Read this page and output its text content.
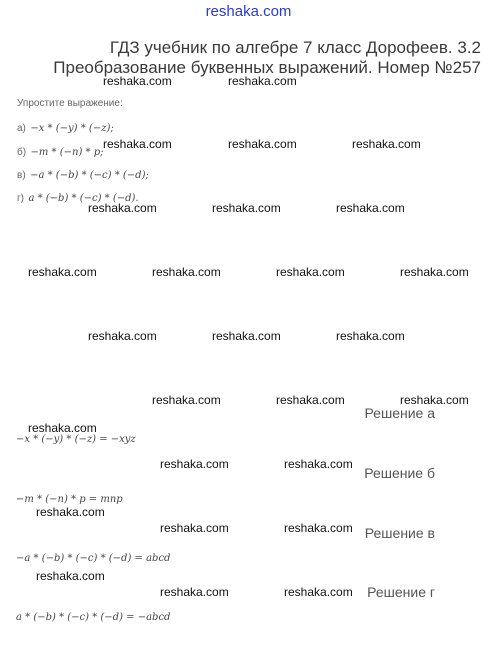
reshaka.com
ГДЗ учебник по алгебре 7 класс Дорофеев. 3.2
Преобразование буквенных выражений. Номер №257
Упростите выражение:
а) −x * (−y) * (−z);
б) −m * (−n) * p;
в) −a * (−b) * (−c) * (−d);
г) a * (−b) * (−c) * (−d).
Решение а
−x * (−y) * (−z) = −xyz
Решение б
−m * (−n) * p = mnp
Решение в
−a * (−b) * (−c) * (−d) = abcd
Решение г
a * (−b) * (−c) * (−d) = −abcd
reshaka.com	reshaka.com
reshaka.com	reshaka.com	reshaka.com
reshaka.com	reshaka.com	reshaka.com
reshaka.com	reshaka.com	reshaka.com	reshaka.com
reshaka.com	reshaka.com	reshaka.com
reshaka.com	reshaka.com	reshaka.com
reshaka.com
reshaka.com	reshaka.com
reshaka.com
reshaka.com	reshaka.com
reshaka.com
reshaka.com	reshaka.com
